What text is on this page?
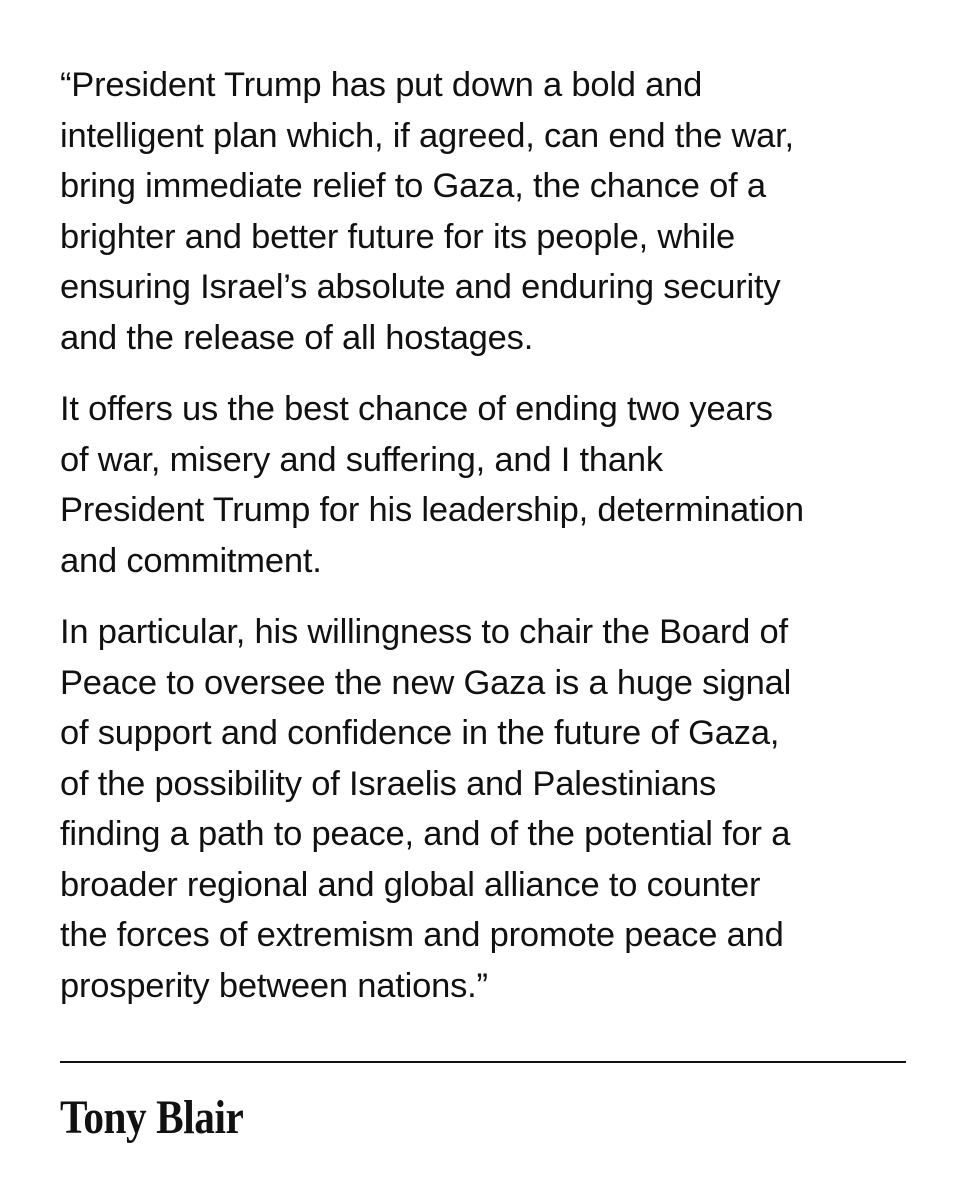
“President Trump has put down a bold and
intelligent plan which, if agreed, can end the war,
bring immediate relief to Gaza, the chance of a
brighter and better future for its people, while
ensuring Israel’s absolute and enduring security
and the release of all hostages.

It offers us the best chance of ending two years
of war, misery and suffering, and I thank
President Trump for his leadership, determination
and commitment.

In particular, his willingness to chair the Board of
Peace to oversee the new Gaza is a huge signal
of support and confidence in the future of Gaza,
of the possibility of Israelis and Palestinians
finding a path to peace, and of the potential for a
broader regional and global alliance to counter
the forces of extremism and promote peace and
prosperity between nations.”

Tony Blair
